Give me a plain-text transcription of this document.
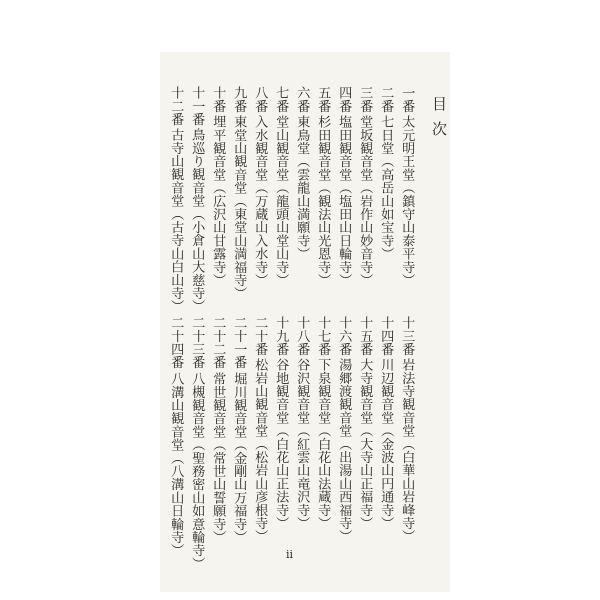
目次
一番
太元明王堂（鎮守山泰平寺）
二番
七日堂（高岳山如宝寺）
三番
堂坂観音堂（岩作山妙音寺）
四番
塩田観音堂（塩田山日輪寺）
五番
杉田観音堂（観法山光恩寺）
六番
東鳥堂（雲龍山満願寺）
七番
堂山観音堂（龍頭山堂山寺）
八番
入水観音堂（万蔵山入水寺）
九番
東堂山観音堂（東堂山満福寺）
十番
埋平観音堂（広沢山甘露寺）
十一番
鳥巡り観音堂（小倉山大慈寺）
十二番
古寺山観音堂（古寺山白山寺）
十三番
岩法寺観音堂（白華山岩峰寺）
十四番
川辺観音堂（金波山円通寺）
十五番
大寺観音堂（大寺山正福寺）
十六番
湯郷渡観音堂（出湯山西福寺）
十七番
下泉観音堂（白花山法蔵寺）
十八番
谷沢観音堂（紅雲山竜沢寺）
十九番
谷地観音堂（白花山正法寺）
二十番
松岩山観音堂（松岩山彦根寺）
二十一番
堀川観音堂（金剛山万福寺）
二十二番
常世観音堂（常世山誓願寺）
二十三番
八槻観音堂（聖務密山如意輪寺）
二十四番
八溝山観音堂（八溝山日輪寺）	ii
